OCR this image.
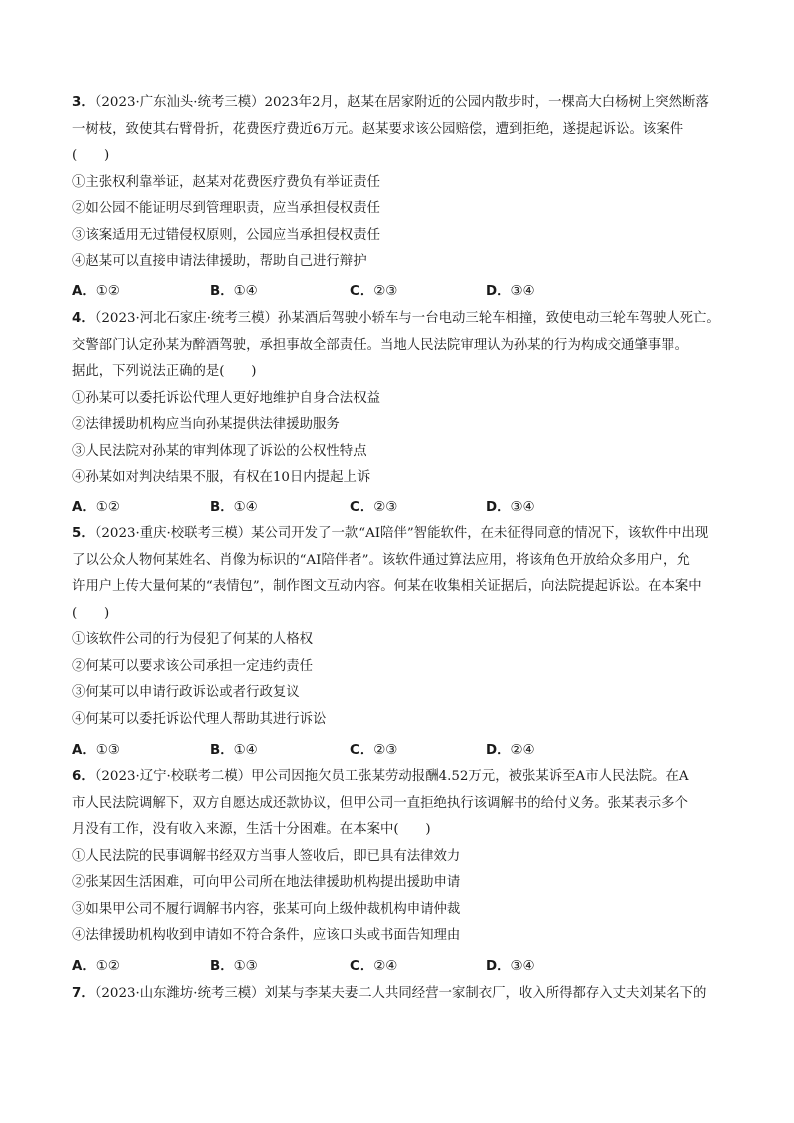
3．（2023·广东汕头·统考三模）2023年2月，赵某在居家附近的公园内散步时，一棵高大白杨树上突然断落
一树枝，致使其右臂骨折，花费医疗费近6万元。赵某要求该公园赔偿，遭到拒绝，遂提起诉讼。该案件
(　　)
①主张权利靠举证，赵某对花费医疗费负有举证责任
②如公园不能证明尽到管理职责，应当承担侵权责任
③该案适用无过错侵权原则，公园应当承担侵权责任
④赵某可以直接申请法律援助，帮助自己进行辩护
A．①②	B．①④	C．②③	D．③④
4．（2023·河北石家庄·统考三模）孙某酒后驾驶小轿车与一台电动三轮车相撞，致使电动三轮车驾驶人死亡。
交警部门认定孙某为醉酒驾驶，承担事故全部责任。当地人民法院审理认为孙某的行为构成交通肇事罪。
据此，下列说法正确的是(　　)
①孙某可以委托诉讼代理人更好地维护自身合法权益
②法律援助机构应当向孙某提供法律援助服务
③人民法院对孙某的审判体现了诉讼的公权性特点
④孙某如对判决结果不服，有权在10日内提起上诉
A．①②	B．①④	C．②③	D．③④
5．（2023·重庆·校联考三模）某公司开发了一款“AI陪伴”智能软件，在未征得同意的情况下，该软件中出现
了以公众人物何某姓名、肖像为标识的“AI陪伴者”。该软件通过算法应用，将该角色开放给众多用户，允
许用户上传大量何某的“表情包”，制作图文互动内容。何某在收集相关证据后，向法院提起诉讼。在本案中
(　　)
①该软件公司的行为侵犯了何某的人格权
②何某可以要求该公司承担一定违约责任
③何某可以申请行政诉讼或者行政复议
④何某可以委托诉讼代理人帮助其进行诉讼
A．①③	B．①④	C．②③	D．②④
6．（2023·辽宁·校联考二模）甲公司因拖欠员工张某劳动报酬4.52万元，被张某诉至A市人民法院。在A
市人民法院调解下，双方自愿达成还款协议，但甲公司一直拒绝执行该调解书的给付义务。张某表示多个
月没有工作，没有收入来源，生活十分困难。在本案中(　　)
①人民法院的民事调解书经双方当事人签收后，即已具有法律效力
②张某因生活困难，可向甲公司所在地法律援助机构提出援助申请
③如果甲公司不履行调解书内容，张某可向上级仲裁机构申请仲裁
④法律援助机构收到申请如不符合条件，应该口头或书面告知理由
A．①②	B．①③	C．②④	D．③④
7．（2023·山东潍坊·统考三模）刘某与李某夫妻二人共同经营一家制衣厂，收入所得都存入丈夫刘某名下的
